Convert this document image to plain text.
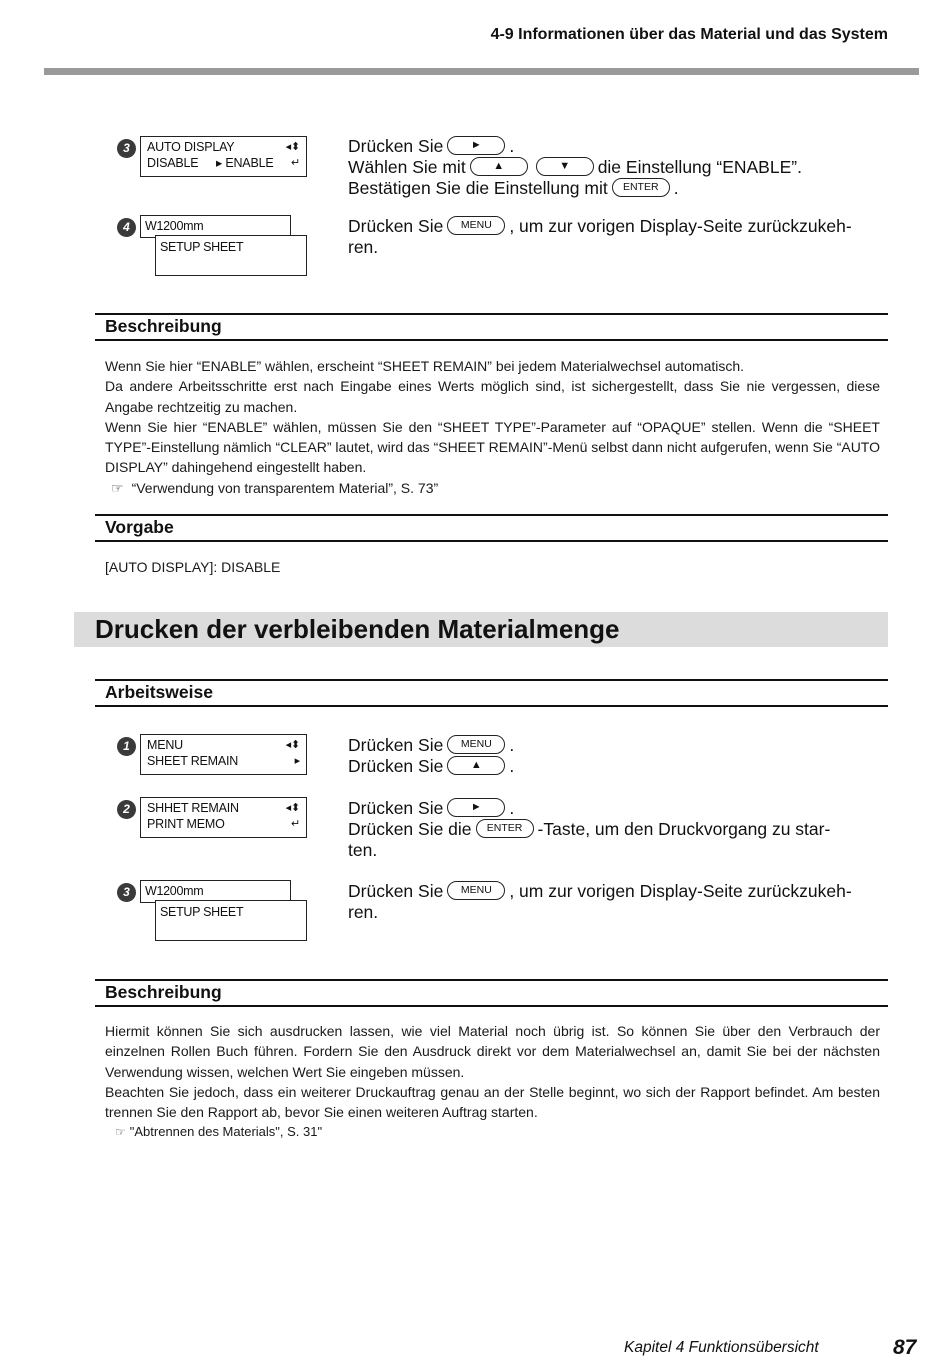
4-9 Informationen über das Material und das System
3	AUTO DISPLAY	◂⬍
DISABLE ▸ ENABLE ↵
Drücken Sie	► .
Wählen Sie mit	▲	▼ die Einstellung “ENABLE”.
Bestätigen Sie die Einstellung mit ENTER .
4	W1200mm
SETUP SHEET
Drücken Sie MENU , um zur vorigen Display-Seite zurückzukeh-
ren.
Beschreibung

Wenn Sie hier “ENABLE” wählen, erscheint “SHEET REMAIN” bei jedem Materialwechsel automatisch.

Da andere Arbeitsschritte erst nach Eingabe eines Werts möglich sind, ist sichergestellt, dass Sie nie vergessen, diese Angabe rechtzeitig zu machen.

Wenn Sie hier “ENABLE” wählen, müssen Sie den “SHEET TYPE”-Parameter auf “OPAQUE” stellen. Wenn die “SHEET TYPE”-Einstellung nämlich “CLEAR” lautet, wird das “SHEET REMAIN”-Menü selbst dann nicht aufgerufen, wenn Sie “AUTO DISPLAY” dahingehend eingestellt haben.

☞ “Verwendung von transparentem Material”, S. 73”
Vorgabe
[AUTO DISPLAY]: DISABLE
Drucken der verbleibenden Materialmenge
Arbeitsweise
1	MENU	◂⬍
SHEET REMAIN	▸
Drücken Sie MENU .
Drücken Sie	▲ .
2	SHHET REMAIN	◂⬍
PRINT MEMO	↵
Drücken Sie	► .
Drücken Sie die ENTER -Taste, um den Druckvorgang zu star-
ten.
3	W1200mm
SETUP SHEET
Drücken Sie MENU , um zur vorigen Display-Seite zurückzukeh-
ren.
Beschreibung

Hiermit können Sie sich ausdrucken lassen, wie viel Material noch übrig ist. So können Sie über den Verbrauch der einzelnen Rollen Buch führen. Fordern Sie den Ausdruck direkt vor dem Materialwechsel an, damit Sie bei der nächsten Verwendung wissen, welchen Wert Sie eingeben müssen.

Beachten Sie jedoch, dass ein weiterer Druckauftrag genau an der Stelle beginnt, wo sich der Rapport befindet. Am besten trennen Sie den Rapport ab, bevor Sie einen weiteren Auftrag starten.

☞ "Abtrennen des Materials", S. 31"
Kapitel 4 Funktionsübersicht	87
